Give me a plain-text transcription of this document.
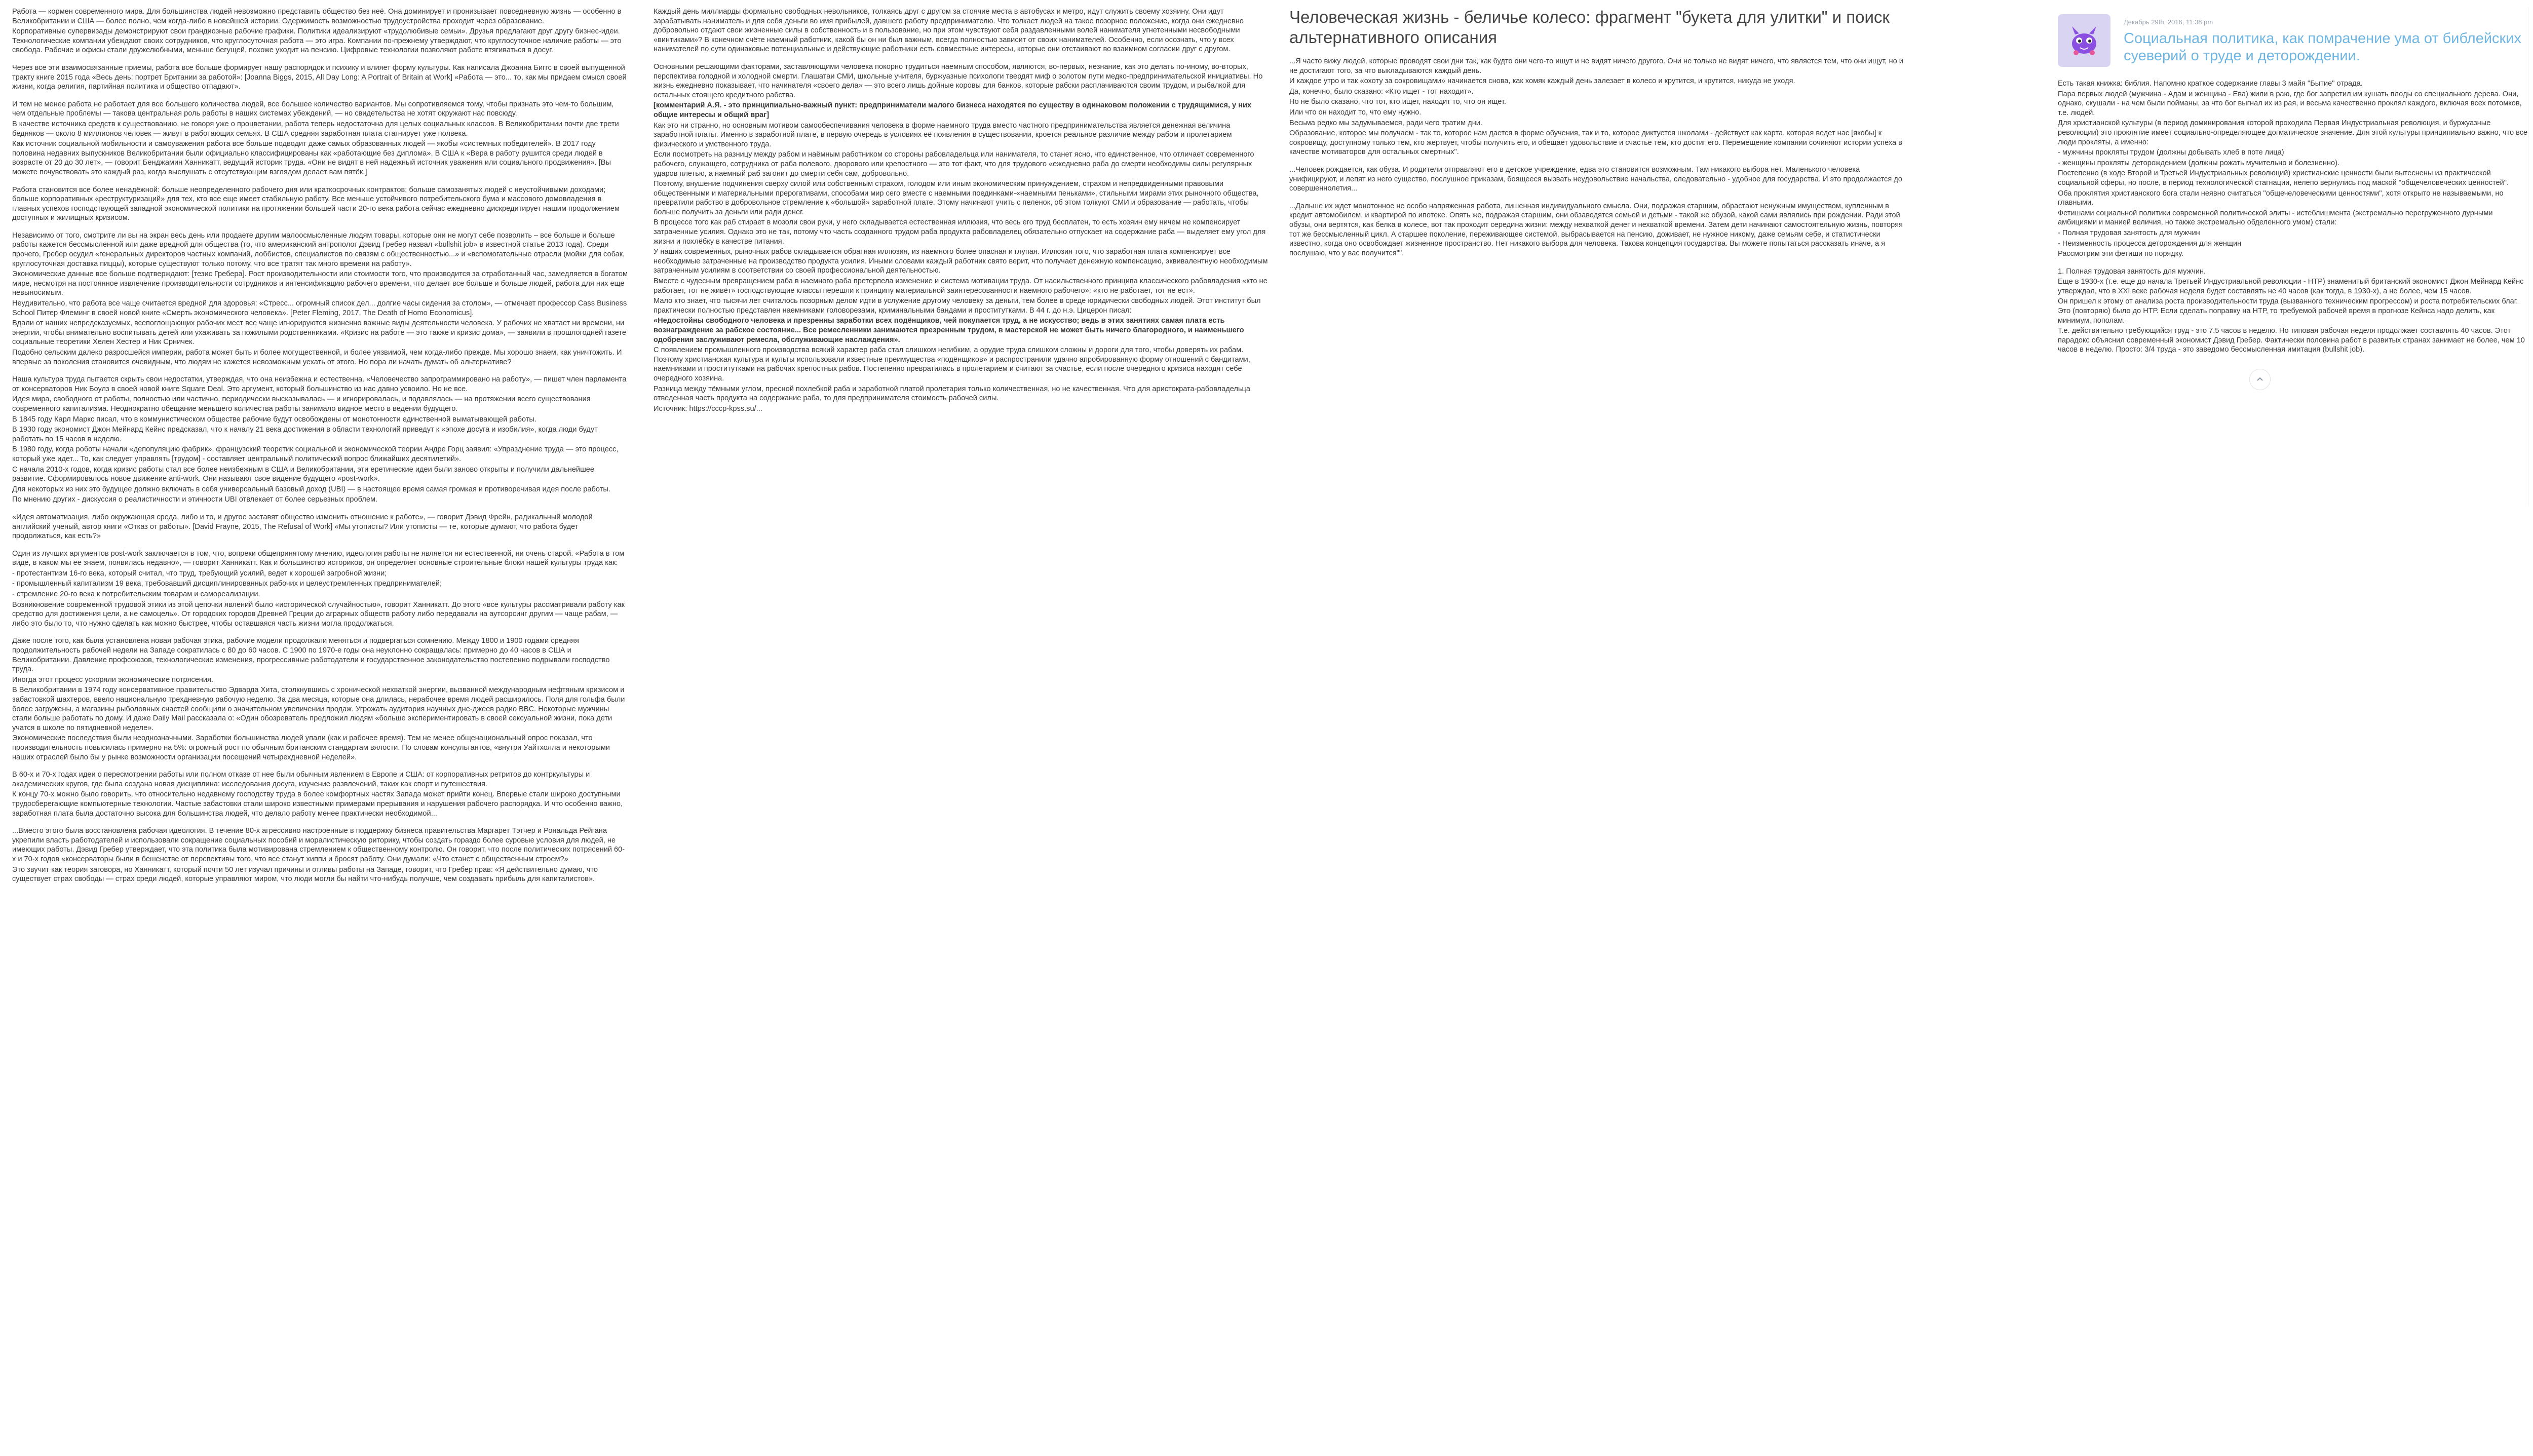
Работа — кормен современного мира. Для большинства людей невозможно представить общество без неё. Она доминирует и пронизывает повседневную жизнь — особенно в Великобритании и США — более полно, чем когда-либо в новейшей истории. Одержимость возможностью трудоустройства проходит через образование.

Корпоративные супервизады демонстрируют свои грандиозные рабочие графики. Политики идеализируют «трудолюбивые семьи». Друзья предлагают друг другу бизнес-идеи. Технологические компании убеждают своих сотрудников, что круглосуточная работа — это игра. Компании по-прежнему утверждают, что круглосуточное наличие работы — это свобода. Рабочие и офисы стали дружелюбными, меньше бегущей, похоже уходит на пенсию. Цифровые технологии позволяют работе втягиваться в досуг.

Через все эти взаимосвязанные приемы, работа все больше формирует нашу распорядок и психику и влияет форму культуры. Как написала Джоанна Биггс в своей выпущенной тракту книге 2015 года «Весь день: портрет Британии за работой»: [Joanna Biggs, 2015, All Day Long: A Portrait of Britain at Work] «Работа — это... то, как мы придаем смысл своей жизни, когда религия, партийная политика и общество отпадают».

И тем не менее работа не работает для все большего количества людей, все большее количество вариантов. Мы сопротивляемся тому, чтобы признать это чем-то большим, чем отдельные проблемы — такова центральная роль работы в наших системах убеждений, — но свидетельства не хотят окружают нас повсюду.

В качестве источника средств к существованию, не говоря уже о процветании, работа теперь недостаточна для целых социальных классов. В Великобритании почти две трети бедняков — около 8 миллионов человек — живут в работающих семьях. В США средняя заработная плата стагнирует уже полвека.

Как источник социальной мобильности и самоуважения работа все больше подводит даже самых образованных людей — якобы «системных победителей». В 2017 году половина недавних выпускников Великобритании были официально классифицированы как «работающие без диплома». В США к «Вера в работу рушится среди людей в возрасте от 20 до 30 лет», — говорит Бенджамин Ханникатт, ведущий историк труда. «Они не видят в ней надежный источник уважения или социального продвижения». [Вы можете почувствовать это каждый раз, когда выслушать с отсутствующим взглядом делает вам пятёк.]

Работа становится все более ненадёжной: больше неопределенного рабочего дня или краткосрочных контрактов; больше самозанятых людей с неустойчивыми доходами; больше корпоративных «реструктуризаций» для тех, кто все еще имеет стабильную работу. Все меньше устойчивого потребительского бума и массового домовладения в главных успехов господствующей западной экономической политики на протяжении большей части 20-го века работа сейчас ежедневно дискредитирует нашим продолжением доступных и жилищных кризисом.

Независимо от того, смотрите ли вы на экран весь день или продаете другим малоосмысленные людям товары, которые они не могут себе позволить – все больше и больше работы кажется бессмысленной или даже вредной для общества (то, что американский антрополог Дэвид Гребер назвал «bullshit job» в известной статье 2013 года). Среди прочего, Гребер осудил «генеральных директоров частных компаний, лоббистов, специалистов по связям с общественностью...» и «вспомогательные отрасли (мойки для собак, круглосуточная доставка пиццы), которые существуют только потому, что все тратят так много времени на работу».

Экономические данные все больше подтверждают: [тезис Гребера]. Рост производительности или стоимости того, что производится за отработанный час, замедляется в богатом мире, несмотря на постоянное извлечение производительности сотрудников и интенсификацию рабочего времени, что делает все больше и больше людей, работа для них еще невыносимым.

Неудивительно, что работа все чаще считается вредной для здоровья: «Стресс... огромный список дел... долгие часы сидения за столом», — отмечает профессор Cass Business School Питер Флеминг в своей новой книге «Смерть экономического человека». [Peter Fleming, 2017, The Death of Homo Economicus].

Вдали от наших непредсказуемых, всепоглощающих рабочих мест все чаще игнорируются жизненно важные виды деятельности человека. У рабочих не хватает ни времени, ни энергии, чтобы внимательно воспитывать детей или ухаживать за пожилыми родственниками. «Кризис на работе — это также и кризис дома», — заявили в прошлогодней газете социальные теоретики Хелен Хестер и Ник Срничек.

Подобно сельским далеко разросшейся империи, работа может быть и более могущественной, и более уязвимой, чем когда-либо прежде. Мы хорошо знаем, как уничтожить. И впервые за поколения становится очевидным, что людям не кажется невозможным уехать от этого. Но пора ли начать думать об альтернативе?

Наша культура труда пытается скрыть свои недостатки, утверждая, что она неизбежна и естественна. «Человечество запрограммировано на работу», — пишет член парламента от консерваторов Ник Боулз в своей новой книге Square Deal. Это аргумент, который большинство из нас давно усвоило. Но не все.

Идея мира, свободного от работы, полностью или частично, периодически высказывалась — и игнорировалась, и подавлялась — на протяжении всего существования современного капитализма. Неоднократно обещание меньшего количества работы занимало видное место в ведении будущего.

В 1845 году Карл Маркс писал, что в коммунистическом обществе рабочие будут освобождены от монотонности единственной выматывающей работы.

В 1930 году экономист Джон Мейнард Кейнс предсказал, что к началу 21 века достижения в области технологий приведут к «эпохе досуга и изобилия», когда люди будут работать по 15 часов в неделю.

В 1980 году, когда роботы начали «депопуляцию фабрик», французский теоретик социальной и экономической теории Андре Горц заявил: «Упразднение труда — это процесс, который уже идет... То, как следует управлять [трудом] - составляет центральный политический вопрос ближайших десятилетий».

С начала 2010-х годов, когда кризис работы стал все более неизбежным в США и Великобритании, эти еретические идеи были заново открыты и получили дальнейшее развитие. Сформировалось новое движение anti-work. Они называют свое видение будущего «post-work».

Для некоторых из них это будущее должно включать в себя универсальный базовый доход (UBI) — в настоящее время самая громкая и противоречивая идея после работы.

По мнению других - дискуссия о реалистичности и этичности UBI отвлекает от более серьезных проблем.

«Идея автоматизация, либо окружающая среда, либо и то, и другое заставят общество изменить отношение к работе», — говорит Дэвид Фрейн, радикальный молодой английский ученый, автор книги «Отказ от работы». [David Frayne, 2015, The Refusal of Work] «Мы утописты? Или утописты — те, которые думают, что работа будет продолжаться, как есть?»

Один из лучших аргументов post-work заключается в том, что, вопреки общепринятому мнению, идеология работы не является ни естественной, ни очень старой. «Работа в том виде, в каком мы ее знаем, появилась недавно», — говорит Ханникатт. Как и большинство историков, он определяет основные строительные блоки нашей культуры труда как:

- протестантизм 16-го века, который считал, что труд, требующий усилий, ведет к хорошей загробной жизни;

- промышленный капитализм 19 века, требовавший дисциплинированных рабочих и целеустремленных предпринимателей;

- стремление 20-го века к потребительским товарам и самореализации.

Возникновение современной трудовой этики из этой цепочки явлений было «исторической случайностью», говорит Ханникатт. До этого «все культуры рассматривали работу как средство для достижения цели, а не самоцель». От городских городов Древней Греции до аграрных обществ работу либо передавали на аутсорсинг другим — чаще рабам, — либо это было то, что нужно сделать как можно быстрее, чтобы оставшаяся часть жизни могла продолжаться.

Даже после того, как была установлена новая рабочая этика, рабочие модели продолжали меняться и подвергаться сомнению. Между 1800 и 1900 годами средняя продолжительность рабочей недели на Западе сократилась с 80 до 60 часов. С 1900 по 1970-е годы она неуклонно сокращалась: примерно до 40 часов в США и Великобритании. Давление профсоюзов, технологические изменения, прогрессивные работодатели и государственное законодательство постепенно подрывали господство труда.

Иногда этот процесс ускоряли экономические потрясения.

В Великобритании в 1974 году консервативное правительство Эдварда Хита, столкнувшись с хронической нехваткой энергии, вызванной международным нефтяным кризисом и забастовкой шахтеров, ввело национальную трехдневную рабочую неделю. За два месяца, которые она длилась, нерабочее время людей расширилось. Поля для гольфа были более загружены, а магазины рыболовных снастей сообщили о значительном увеличении продаж. Угрожать аудитория научных дне-джеев радио BBC. Некоторые мужчины стали больше работать по дому. И даже Daily Mail рассказала о: «Один обозреватель предложил людям «больше экспериментировать в своей сексуальной жизни, пока дети учатся в школе по пятидневной неделе».

Экономические последствия были неоднозначными. Заработки большинства людей упали (как и рабочее время). Тем не менее общенациональный опрос показал, что производительность повысилась примерно на 5%: огромный рост по обычным британским стандартам вялости. По словам консультантов, «внутри Уайтхолла и некоторыми наших отраслей было бы у рынке возможности организации посещений четырехдневной неделей».

В 60-х и 70-х годах идеи о пересмотрении работы или полном отказе от нее были обычным явлением в Европе и США: от корпоративных ретритов до контркультуры и академических кругов, где была создана новая дисциплина: исследования досуга, изучение развлечений, таких как спорт и путешествия.

К концу 70-х можно было говорить, что относительно недавнему господству труда в более комфортных частях Запада может прийти конец. Впервые стали широко доступными трудосберегающие компьютерные технологии. Частые забастовки стали широко известными примерами прерывания и нарушения рабочего распорядка. И что особенно важно, заработная плата была достаточно высока для большинства людей, что делало работу менее практически необходимой...

...Вместо этого была восстановлена рабочая идеология. В течение 80-х агрессивно настроенные в поддержку бизнеса правительства Маргарет Тэтчер и Рональда Рейгана укрепили власть работодателей и использовали сокращение социальных пособий и моралистическую риторику, чтобы создать гораздо более суровые условия для людей, не имеющих работы. Дэвид Гребер утверждает, что эта политика была мотивирована стремлением к общественному контролю. Он говорит, что после политических потрясений 60-х и 70-х годов «консерваторы были в бешенстве от перспективы того, что все станут хиппи и бросят работу. Они думали: «Что станет с общественным строем?»

Это звучит как теория заговора, но Ханникатт, который почти 50 лет изучал причины и отливы работы на Западе, говорит, что Гребер прав: «Я действительно думаю, что существует страх свободы — страх среди людей, которые управляют миром, что люди могли бы найти что-нибудь получше, чем создавать прибыль для капиталистов».

Каждый день миллиарды формально свободных невольников, толкаясь друг с другом за стоячие места в автобусах и метро, идут служить своему хозяину. Они идут зарабатывать наниматель и для себя деньги во имя прибылей, давшего работу предпринимателю. Что толкает людей на такое позорное положение, когда они ежедневно добровольно отдают свои жизненные силы в собственность и в пользование, но при этом чувствуют себя раздавленными волей нанимателя угнетенными несвободными «винтиками»? В конечном счёте наемный работник, какой бы он ни был важным, всегда полностью зависит от своих нанимателей. Особенно, если осознать, что у всех нанимателей по сути одинаковые потенциальные и действующие работники есть совместные интересы, которые они отстаивают во взаимном согласии друг с другом.

Основными решающими факторами, заставляющими человека покорно трудиться наемным способом, являются, во-первых, незнание, как это делать по-иному, во-вторых, перспектива голодной и холодной смерти. Глашатаи СМИ, школьные учителя, буржуазные психологи твердят миф о золотом пути медко-предпринимательской инициативы. Но жизнь ежедневно показывает, что начинателя «своего дела» — это всего лишь дойные коровы для банков, которые рабски расплачиваются своим трудом, и рыбалкой для остальных стоящего кредитного рабства.

[комментарий А.Я. - это принципиально-важный пункт: предприниматели малого бизнеса находятся по существу в одинаковом положении с трудящимися, у них общие интересы и общий враг]

Как это ни странно, но основным мотивом самообеспечивания человека в форме наемного труда вместо частного предпринимательства является денежная величина заработной платы. Именно в заработной плате, в первую очередь в условиях её появления в существовании, кроется реальное различие между рабом и пролетарием физического и умственного труда.

Если посмотреть на разницу между рабом и наёмным работником со стороны рабовладельца или нанимателя, то станет ясно, что единственное, что отличает современного рабочего, служащего, сотрудника от раба полевого, дворового или крепостного — это тот факт, что для трудового «ежедневно раба до смерти необходимы силы регулярных ударов плетью, а наемный раб загонит до смерти себя сам, добровольно.

Поэтому, внушение подчинения сверху силой или собственным страхом, голодом или иным экономическим принуждением, страхом и непредвиденными правовыми общественными и материальными прерогативами, способами мир сего вместе с наемными поединками-«наемными пеньками», стильными мирами этих рыночного общества, превратили рабство в добровольное стремление к «большой» заработной плате. Этому начинают учить с пеленок, об этом толкуют СМИ и образование — работать, чтобы больше получить за деньги или ради денег.

В процессе того как раб стирает в мозоли свои руки, у него складывается естественная иллюзия, что весь его труд бесплатен, то есть хозяин ему ничем не компенсирует затраченные усилия. Однако это не так, потому что часть созданного трудом раба продукта рабовладелец обязательно отпускает на содержание раба — выделяет ему угол для жизни и похлёбку в качестве питания.

У наших современных, рыночных рабов складывается обратная иллюзия, из наемного более опасная и глупая. Иллюзия того, что заработная плата компенсирует все необходимые затраченные на производство продукта усилия. Иными словами каждый работник свято верит, что получает денежную компенсацию, эквивалентную необходимым затраченным усилиям в соответствии со своей профессиональной деятельностью.

Вместе с чудесным превращением раба в наемного раба претерпела изменение и система мотивации труда. От насильственного принципа классического рабовладения «кто не работает, тот не живёт» господствующие классы перешли к принципу материальной заинтересованности наемного рабочего»: «кто не работает, тот не ест».

Мало кто знает, что тысячи лет считалось позорным делом идти в услужение другому человеку за деньги, тем более в среде юридически свободных людей. Этот институт был практически полностью представлен наемниками головорезами, криминальными бандами и проститутками. В 44 г. до н.э. Цицерон писал:

«Недостойны свободного человека и презренны заработки всех подёнщиков, чей покупается труд, а не искусство; ведь в этих занятиях самая плата есть вознаграждение за рабское состояние... Все ремесленники занимаются презренным трудом, в мастерской не может быть ничего благородного, и наименьшего одобрения заслуживают ремесла, обслуживающие наслаждения».

С появлением промышленного производства всякий характер раба стал слишком негибким, а орудие труда слишком сложны и дороги для того, чтобы доверять их рабам. Поэтому христианская культура и культы использовали известные преимущества «подёнщиков» и распространили удачно апробированную форму отношений с бандитами, наемниками и проститутками на рабочих крепостных рабов. Постепенно превратилась в пролетарием и считают за счастье, если после очередного кризиса находят себе очередного хозяина.

Разница между тёмными углом, пресной похлебкой раба и заработной платой пролетария только количественная, но не качественная. Что для аристократа-рабовладельца отведенная часть продукта на содержание раба, то для предпринимателя стоимость рабочей силы.

Источник: https://cccp-kpss.su/...

Человеческая жизнь - беличье колесо: фрагмент "букета для улитки" и поиск альтернативного описания

...Я часто вижу людей, которые проводят свои дни так, как будто они чего-то ищут и не видят ничего другого. Они не только не видят ничего, что является тем, что они ищут, но и не достигают того, за что выкладываются каждый день.

И каждое утро и так «охоту за сокровищами» начинается снова, как хомяк каждый день залезает в колесо и крутится, и крутится, никуда не уходя.

Да, конечно, было сказано: «Кто ищет - тот находит».

Но не было сказано, что тот, кто ищет, находит то, что он ищет.

Или что он находит то, что ему нужно.

Весьма редко мы задумываемся, ради чего тратим дни.

Образование, которое мы получаем - так то, которое нам дается в форме обучения, так и то, которое диктуется школами - действует как карта, которая ведет нас [якобы] к сокровищу, доступному только тем, кто жертвует, чтобы получить его, и обещает удовольствие и счастье тем, кто достиг его. Перемещение компании сочиняют истории успеха в качестве мотиваторов для остальных смертных".

...Человек рождается, как обуза. И родители отправляют его в детское учреждение, едва это становится возможным. Там никакого выбора нет. Маленького человека унифицируют, и лепят из него существо, послушное приказам, боящееся вызвать неудовольствие начальства, следовательно - удобное для государства. И это продолжается до совершеннолетия...

...Дальше их ждет монотонное не особо напряженная работа, лишенная индивидуального смысла. Они, подражая старшим, обрастают ненужным имуществом, купленным в кредит автомобилем, и квартирой по ипотеке. Опять же, подражая старшим, они обзаводятся семьей и детьми - такой же обузой, какой сами являлись при рождении. Ради этой обузы, они вертятся, как белка в колесе, вот так проходит середина жизни: между нехваткой денег и нехваткой времени. Затем дети начинают самостоятельную жизнь, повторяя тот же бессмысленный цикл. А старшее поколение, переживающее системой, выбрасывается на пенсию, доживает, не нужное никому, даже семьям себе, и статистически известно, когда оно освобождает жизненное пространство. Нет никакого выбора для человека. Такова концепция государства. Вы можете попытаться рассказать иначе, а я послушаю, что у вас получится"".

Декабрь 29th, 2016, 11:38 pm
Социальная политика, как помрачение ума от библейских суеверий о труде и деторождении.

Есть такая книжка: библия. Напомню краткое содержание главы 3 майя "Бытие" отрада.

Пара первых людей (мужчина - Адам и женщина - Ева) жили в раю, где бог запретил им кушать плоды со специального дерева. Они, однако, скушали - на чем были пойманы, за что бог выгнал их из рая, и весьма качественно проклял каждого, включая всех потомков, т.е. людей.

Для христианской культуры (в период доминирования которой проходила Первая Индустриальная революция, и буржуазные революции) это проклятие имеет социально-определяющее догматическое значение. Для этой культуры принципиально важно, что все люди прокляты, а именно:

- мужчины прокляты трудом (должны добывать хлеб в поте лица)

- женщины прокляты деторождением (должны рожать мучительно и болезненно).

Постепенно (в ходе Второй и Третьей Индустриальных революций) христианские ценности были вытеснены из практической социальной сферы, но после, в период технологической стагнации, нелепо вернулись под маской "общечеловеческих ценностей".

Оба проклятия христианского бога стали неявно считаться "общечеловеческими ценностями", хотя открыто не называемыми, но главными.

Фетишами социальной политики современной политической элиты - истеблишмента (экстремально перегруженного дурными амбициями и манией величия, но также экстремально обделенного умом) стали:

- Полная трудовая занятость для мужчин

- Неизменность процесса деторождения для женщин

Рассмотрим эти фетиши по порядку.

1. Полная трудовая занятость для мужчин.

Еще в 1930-х (т.е. еще до начала Третьей Индустриальной революции - НТР) знаменитый британский экономист Джон Мейнард Кейнс утверждал, что в XXI веке рабочая неделя будет составлять не 40 часов (как тогда, в 1930-х), а не более, чем 15 часов.

Он пришел к этому от анализа роста производительности труда (вызванного техническим прогрессом) и роста потребительских благ. Это (повторяю) было до НТР. Если сделать поправку на НТР, то требуемой рабочей время в прогнозе Кейнса надо делить, как минимум, пополам.

Т.е. действительно требующийся труд - это 7.5 часов в неделю. Но типовая рабочая неделя продолжает составлять 40 часов. Этот парадокс объяснил современный экономист Дэвид Гребер. Фактически половина работ в развитых странах занимает не более, чем 10 часов в неделю. Просто: 3/4 труда - это заведомо бессмысленная имитация (bullshit job).
